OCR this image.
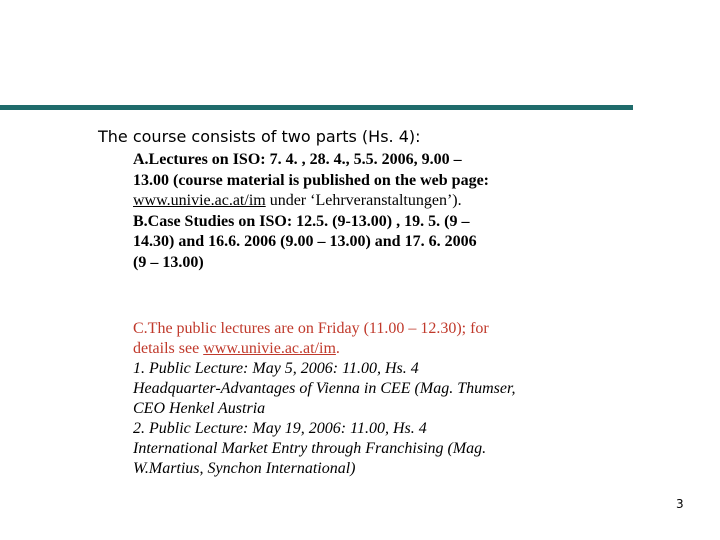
The course consists of two parts (Hs. 4):
A.Lectures on ISO: 7. 4. , 28. 4., 5.5. 2006, 9.00 –
13.00 (course material is published on the web page:
www.univie.ac.at/im under ‘Lehrveranstaltungen’).
B.Case Studies on ISO: 12.5. (9-13.00) , 19. 5. (9 –
14.30) and 16.6. 2006 (9.00 – 13.00) and 17. 6. 2006
(9 – 13.00)
C.The public lectures are on Friday (11.00 – 12.30); for
details see www.univie.ac.at/im.
1. Public Lecture: May 5, 2006: 11.00, Hs. 4
Headquarter-Advantages of Vienna in CEE (Mag. Thumser,
CEO Henkel Austria
2. Public Lecture: May 19, 2006: 11.00, Hs. 4
International Market Entry through Franchising (Mag.
W.Martius, Synchon International)
3
